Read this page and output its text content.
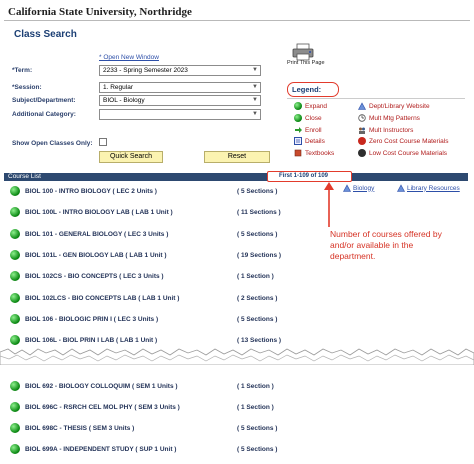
California State University, Northridge
Class Search
* Open New Window
*Term:	2233 - Spring Semester 2023	▼
*Session:	1. Regular	▼
Subject/Department:	BIOL - Biology	▼
Additional Category:	▼
Show Open Classes Only:
Quick Search	Reset
Print This Page
Legend:
Expand
Close
Enroll
Details
Textbooks
Dept/Library Website
Mult Mtg Patterns
Mult Instructors
Zero Cost Course Materials
Low Cost Course Materials
Course List	First 1-109 of 109
Biology	Library Resources
Number of courses offered by and/or available in the department.
BIOL 100 - INTRO BIOLOGY ( LEC 2 Units )	( 5 Sections )
BIOL 100L - INTRO BIOLOGY LAB ( LAB 1 Unit )	( 11 Sections )
BIOL 101 - GENERAL BIOLOGY ( LEC 3 Units )	( 5 Sections )
BIOL 101L - GEN BIOLOGY LAB ( LAB 1 Unit )	( 19 Sections )
BIOL 102CS - BIO CONCEPTS ( LEC 3 Units )	( 1 Section )
BIOL 102LCS - BIO CONCEPTS LAB ( LAB 1 Unit )	( 2 Sections )
BIOL 106 - BIOLOGIC PRIN I ( LEC 3 Units )	( 5 Sections )
BIOL 106L - BIOL PRIN I LAB ( LAB 1 Unit )	( 13 Sections )
BIOL 692 - BIOLOGY COLLOQUIM ( SEM 1 Units )	( 1 Section )
BIOL 696C - RSRCH CEL MOL PHY ( SEM 3 Units )	( 1 Section )
BIOL 698C - THESIS ( SEM 3 Units )	( 5 Sections )
BIOL 699A - INDEPENDENT STUDY ( SUP 1 Unit )	( 5 Sections )
